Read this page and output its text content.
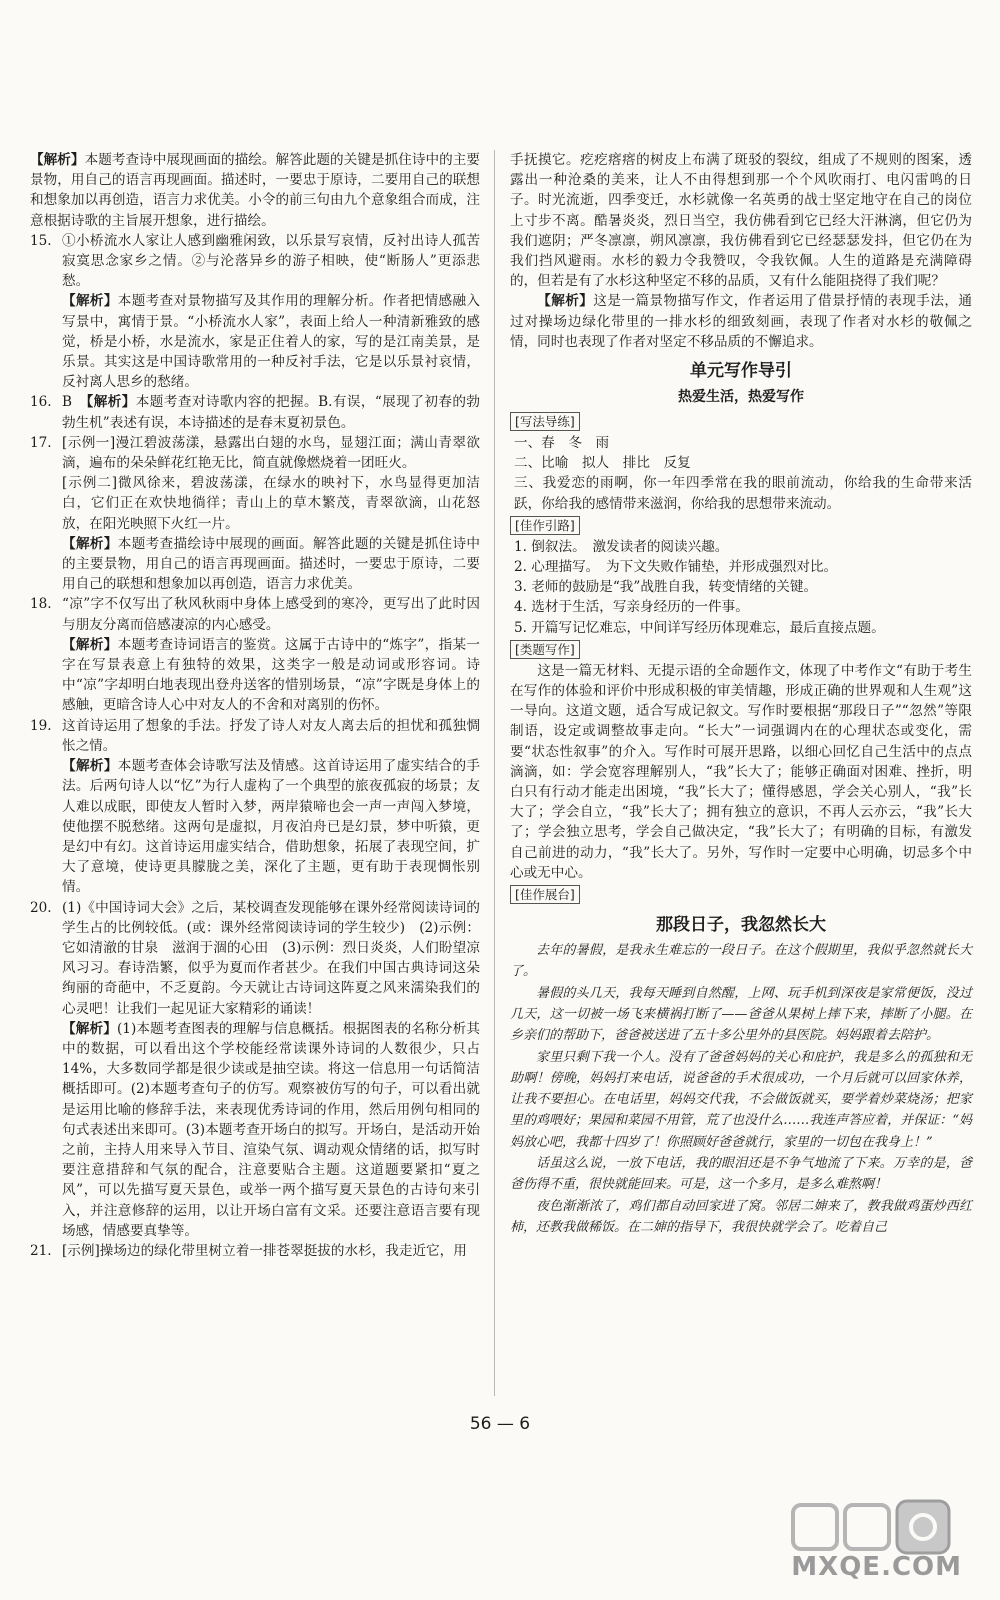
【解析】本题考查诗中展现画面的描绘。解答此题的关键是抓住诗中的主要景物，用自己的语言再现画面。描述时，一要忠于原诗，二要用自己的联想和想象加以再创造，语言力求优美。小令的前三句由九个意象组合而成，注意根据诗歌的主旨展开想象，进行描绘。

15. ①小桥流水人家让人感到幽雅闲致，以乐景写哀情，反衬出诗人孤苦寂寞思念家乡之情。②与沦落异乡的游子相映，使“断肠人”更添悲愁。

【解析】本题考查对景物描写及其作用的理解分析。作者把情感融入写景中，寓情于景。“小桥流水人家”，表面上给人一种清新雅致的感觉，桥是小桥，水是流水，家是正住着人的家，写的是江南美景，是乐景。其实这是中国诗歌常用的一种反衬手法，它是以乐景衬哀情，反衬离人思乡的愁绪。

16. B　 【解析】本题考查对诗歌内容的把握。B.有误，“展现了初春的勃勃生机”表述有误，本诗描述的是春末夏初景色。

17. [示例一]漫江碧波荡漾，悬露出白翅的水鸟，显翅江面；满山青翠欲滴，遍布的朵朵鲜花红艳无比，简直就像燃烧着一团旺火。

[示例二]微风徐来，碧波荡漾，在绿水的映衬下，水鸟显得更加洁白，它们正在欢快地徜徉；青山上的草木繁茂，青翠欲滴，山花怒放，在阳光映照下火红一片。

【解析】本题考查描绘诗中展现的画面。解答此题的关键是抓住诗中的主要景物，用自己的语言再现画面。描述时，一要忠于原诗，二要用自己的联想和想象加以再创造，语言力求优美。

18. “凉”字不仅写出了秋风秋雨中身体上感受到的寒冷，更写出了此时因与朋友分离而倍感凄凉的内心感受。

【解析】本题考查诗词语言的鉴赏。这属于古诗中的“炼字”，指某一字在写景表意上有独特的效果，这类字一般是动词或形容词。诗中“凉”字却明白地表现出登舟送客的惜别场景，“凉”字既是身体上的感触，更暗含诗人心中对友人的不舍和对离别的伤怀。

19. 这首诗运用了想象的手法。抒发了诗人对友人离去后的担忧和孤独惆怅之情。

【解析】本题考查体会诗歌写法及情感。这首诗运用了虚实结合的手法。后两句诗人以“忆”为行人虚构了一个典型的旅夜孤寂的场景；友人难以成眠，即使友人暂时入梦，两岸猿啼也会一声一声闯入梦境，使他摆不脱愁绪。这两句是虚拟，月夜泊舟已是幻景，梦中听猿，更是幻中有幻。这首诗运用虚实结合，借助想象，拓展了表现空间，扩大了意境，使诗更具朦胧之美，深化了主题，更有助于表现惆怅别情。

20. (1)《中国诗词大会》之后，某校调查发现能够在课外经常阅读诗词的学生占的比例较低。(或：课外经常阅读诗词的学生较少)　(2)示例：它如清澈的甘泉　滋润于涸的心田　(3)示例：烈日炎炎，人们盼望凉风习习。春诗浩繁，似乎为夏而作者甚少。在我们中国古典诗词这朵绚丽的奇葩中，不乏夏韵。今天就让古诗词这阵夏之风来濡染我们的心灵吧！让我们一起见证大家精彩的诵读！

【解析】(1)本题考查图表的理解与信息概括。根据图表的名称分析其中的数据，可以看出这个学校能经常读课外诗词的人数很少，只占14%，大多数同学都是很少读或是抽空读。将这一信息用一句话简洁概括即可。(2)本题考查句子的仿写。观察被仿写的句子，可以看出就是运用比喻的修辞手法，来表现优秀诗词的作用，然后用例句相同的句式表述出来即可。(3)本题考查开场白的拟写。开场白，是活动开始之前，主持人用来导入节目、渲染气氛、调动观众情绪的话，拟写时要注意措辞和气氛的配合，注意要贴合主题。这道题要紧扣“夏之风”，可以先描写夏天景色，或举一两个描写夏天景色的古诗句来引入，并注意修辞的运用，以让开场白富有文采。还要注意语言要有现场感，情感要真挚等。

21. [示例]操场边的绿化带里树立着一排苍翠挺拔的水杉，我走近它，用

手抚摸它。疙疙瘩瘩的树皮上布满了斑驳的裂纹，组成了不规则的图案，透露出一种沧桑的美来，让人不由得想到那一个个风吹雨打、电闪雷鸣的日子。时光流逝，四季变迁，水杉就像一名英勇的战士坚定地守在自己的岗位上寸步不离。酷暑炎炎，烈日当空，我仿佛看到它已经大汗淋漓，但它仍为我们遮阴；严冬凛凛，朔风凛凛，我仿佛看到它已经瑟瑟发抖，但它仍在为我们挡风避雨。水杉的毅力令我赞叹，令我钦佩。人生的道路是充满障碍的，但若是有了水杉这种坚定不移的品质，又有什么能阻挠得了我们呢？

【解析】这是一篇景物描写作文，作者运用了借景抒情的表现手法，通过对操场边绿化带里的一排水杉的细致刻画，表现了作者对水杉的敬佩之情，同时也表现了作者对坚定不移品质的不懈追求。

单元写作导引
热爱生活，热爱写作
[写法导练]

一、春　冬　雨

二、比喻　拟人　排比　反复

三、我爱恋的雨啊，你一年四季常在我的眼前流动，你给我的生命带来活跃，你给我的感情带来滋润，你给我的思想带来流动。

[佳作引路]

1. 倒叙法。　激发读者的阅读兴趣。

2. 心理描写。　为下文失败作铺垫，并形成强烈对比。

3. 老师的鼓励是“我”战胜自我，转变情绪的关键。

4. 选材于生活，写亲身经历的一件事。

5. 开篇写记忆难忘，中间详写经历体现难忘，最后直接点题。

[类题写作]

这是一篇无材料、无提示语的全命题作文，体现了中考作文“有助于考生在写作的体验和评价中形成积极的审美情趣，形成正确的世界观和人生观”这一导向。这道文题，适合写成记叙文。写作时要根据“那段日子”“忽然”等限制语，设定或调整故事走向。“长大”一词强调内在的心理状态或变化，需要“状态性叙事”的介入。写作时可展开思路，以细心回忆自己生活中的点点滴滴，如：学会宽容理解别人，“我”长大了；能够正确面对困难、挫折，明白只有行动才能走出困境，“我”长大了；懂得感恩，学会关心别人，“我”长大了；学会自立，“我”长大了；拥有独立的意识，不再人云亦云，“我”长大了；学会独立思考，学会自己做决定，“我”长大了；有明确的目标，有激发自己前进的动力，“我”长大了。另外，写作时一定要中心明确，切忌多个中心或无中心。

[佳作展台]
那段日子，我忽然长大

去年的暑假，是我永生难忘的一段日子。在这个假期里，我似乎忽然就长大了。

暑假的头几天，我每天睡到自然醒，上网、玩手机到深夜是家常便饭，没过几天，这一切被一场飞来横祸打断了——爸爸从果树上摔下来，摔断了小腿。在乡亲们的帮助下，爸爸被送进了五十多公里外的县医院。妈妈跟着去陪护。

家里只剩下我一个人。没有了爸爸妈妈的关心和庇护，我是多么的孤独和无助啊！傍晚，妈妈打来电话，说爸爸的手术很成功，一个月后就可以回家休养，让我不要担心。在电话里，妈妈交代我，不会做饭就买，要学着炒菜烧汤；把家里的鸡喂好；果园和菜园不用管，荒了也没什么……我连声答应着，并保证：“妈妈放心吧，我都十四岁了！你照顾好爸爸就行，家里的一切包在我身上！”

话虽这么说，一放下电话，我的眼泪还是不争气地流了下来。万幸的是，爸爸伤得不重，很快就能回来。可是，这一个多月，是多么难熬啊！

夜色渐渐浓了，鸡们都自动回家进了窝。邻居二婶来了，教我做鸡蛋炒西红柿，还教我做稀饭。在二婶的指导下，我很快就学会了。吃着自己

56 — 6
MXQE.COM
